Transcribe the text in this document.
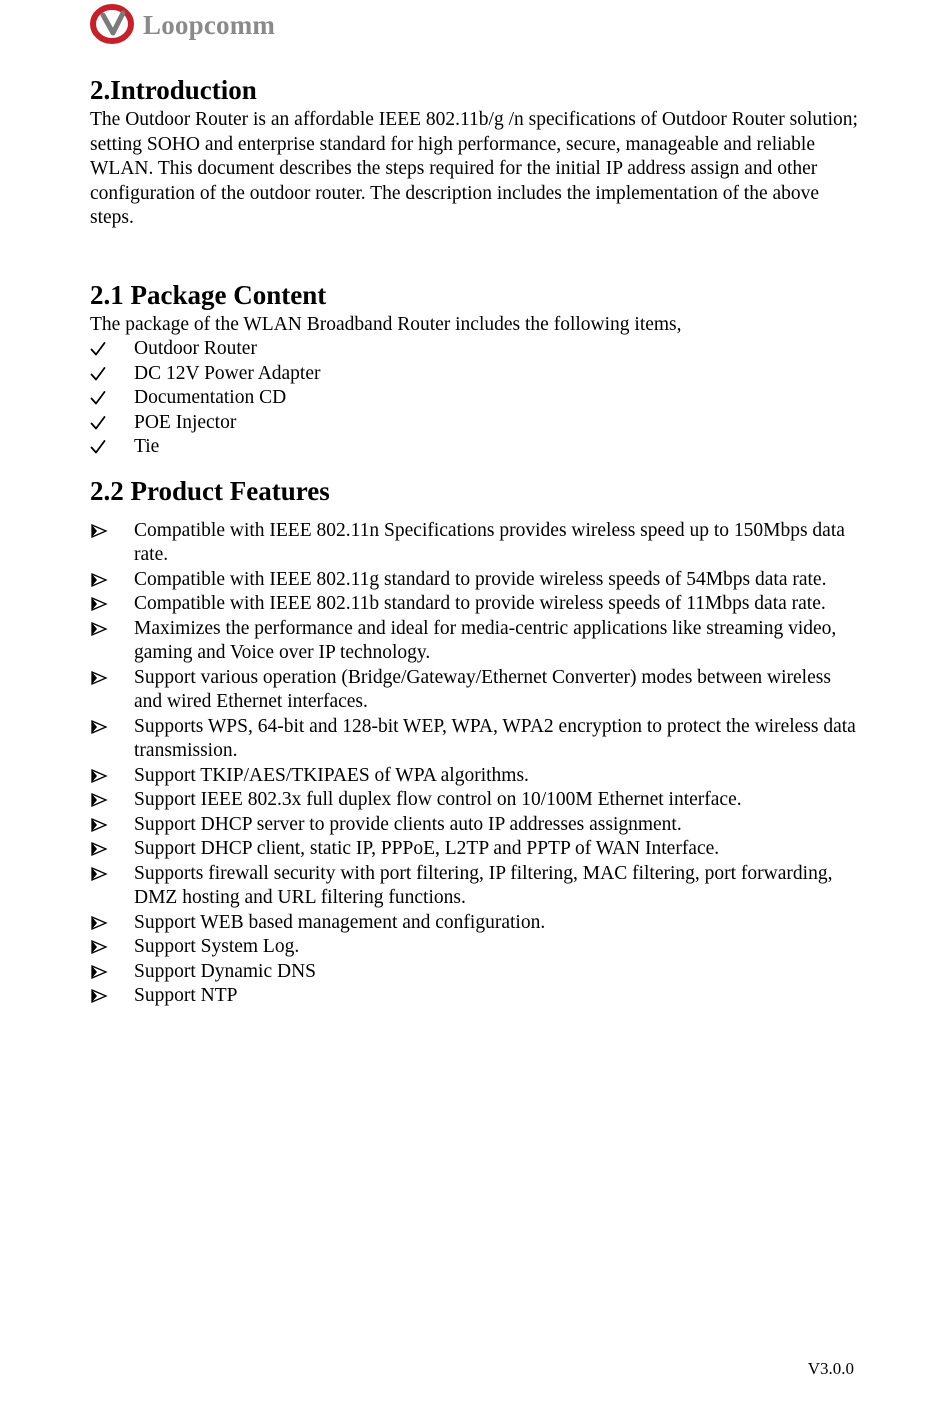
Loopcomm
2.Introduction

The Outdoor Router is an affordable IEEE 802.11b/g /n specifications of Outdoor Router solution; setting SOHO and enterprise standard for high performance, secure, manageable and reliable WLAN. This document describes the steps required for the initial IP address assign and other configuration of the outdoor router. The description includes the implementation of the above steps.

2.1 Package Content

The package of the WLAN Broadband Router includes the following items,

Outdoor Router
DC 12V Power Adapter
Documentation CD
POE Injector
Tie
2.2 Product Features
Compatible with IEEE 802.11n Specifications provides wireless speed up to 150Mbps data rate.
Compatible with IEEE 802.11g standard to provide wireless speeds of 54Mbps data rate.
Compatible with IEEE 802.11b standard to provide wireless speeds of 11Mbps data rate.
Maximizes the performance and ideal for media-centric applications like streaming video, gaming and Voice over IP technology.
Support various operation (Bridge/Gateway/Ethernet Converter) modes between wireless and wired Ethernet interfaces.
Supports WPS, 64-bit and 128-bit WEP, WPA, WPA2 encryption to protect the wireless data transmission.
Support TKIP/AES/TKIPAES of WPA algorithms.
Support IEEE 802.3x full duplex flow control on 10/100M Ethernet interface.
Support DHCP server to provide clients auto IP addresses assignment.
Support DHCP client, static IP, PPPoE, L2TP and PPTP of WAN Interface.
Supports firewall security with port filtering, IP filtering, MAC filtering, port forwarding, DMZ hosting and URL filtering functions.
Support WEB based management and configuration.
Support System Log.
Support Dynamic DNS
Support NTP
V3.0.0
